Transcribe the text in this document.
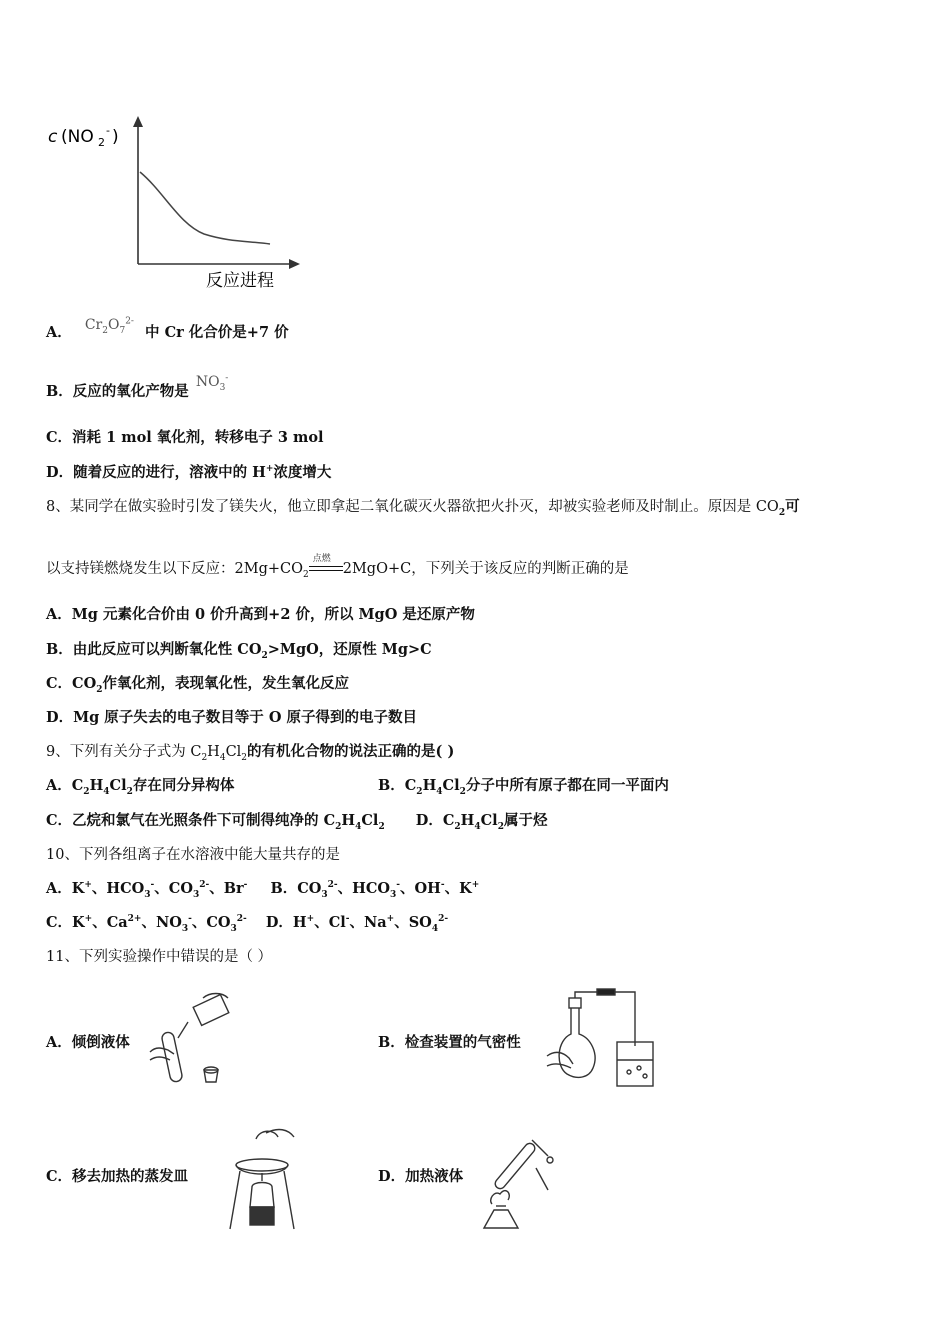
c (NO 2
- )
反应进程
A． $Cr_2O_7^{2-}$ 中 Cr 化合价是+7 价
B．反应的氧化产物是 $NO_3^-$
C．消耗 1 mol 氧化剂，转移电子 3 mol
D．随着反应的进行，溶液中的 H+浓度增大
8、某同学在做实验时引发了镁失火，他立即拿起二氧化碳灭火器欲把火扑灭，却被实验老师及时制止。原因是 $CO_2$可
以支持镁燃烧发生以下反应：$2Mg+CO_2$
点燃
2MgO+C，下列关于该反应的判断正确的是
A．Mg 元素化合价由 0 价升高到+2 价，所以 MgO 是还原产物
B．由此反应可以判断氧化性 $CO_2>MgO$，还原性 Mg>C
C．$CO_2$作氧化剂，表现氧化性，发生氧化反应
D．Mg 原子失去的电子数目等于 O 原子得到的电子数目
9、下列有关分子式为 $C_2H_4Cl_2$的有机化合物的说法正确的是( )
A．$C_2H_4Cl_2$存在同分异构体	B．$C_2H_4Cl_2$分子中所有原子都在同一平面内
C．乙烷和氯气在光照条件下可制得纯净的 $C_2H_4Cl_2$ D．$C_2H_4Cl_2$属于烃
10、下列各组离子在水溶液中能大量共存的是
A．K+、$HCO_3^-$、$CO_3^{2-}$、Br- B．$CO_3^{2-}$、$HCO_3^-$、OH-、K+
C．K+、$Ca^{2+}$、$NO_3^-$、$CO_3^{2-}$ D．H+、Cl-、Na+、$SO_4^{2-}$
11、下列实验操作中错误的是（ ）
A．倾倒液体	B．检查装置的气密性
C．移去加热的蒸发皿	D．加热液体
